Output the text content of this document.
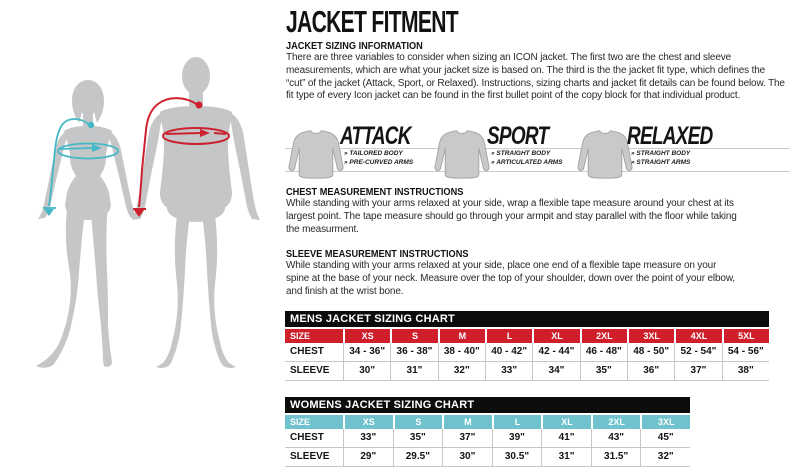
JACKET FITMENT
JACKET SIZING INFORMATION
There are three variables to consider when sizing an ICON jacket. The first two are the chest and sleeve measurements, which are what your jacket size is based on. The third is the the jacket fit type, which defines the “cut” of the jacket (Attack, Sport, or Relaxed). Instructions, sizing charts and jacket fit details can be found below. The fit type of every Icon jacket can be found in the first bullet point of the copy block for that individual product.
ATTACK
» TAILORED BODY
» PRE-CURVED ARMS
SPORT
» STRAIGHT BODY
» ARTICULATED ARMS
RELAXED
» STRAIGHT BODY
» STRAIGHT ARMS
CHEST MEASUREMENT INSTRUCTIONS
While standing with your arms relaxed at your side, wrap a flexible tape measure around your chest at its largest point. The tape measure should go through your armpit and stay parallel with the floor while taking the measurment.
SLEEVE MEASUREMENT INSTRUCTIONS
While standing with your arms relaxed at your side, place one end of a flexible tape measure on your spine at the base of your neck. Measure over the top of your shoulder, down over the point of your elbow, and finish at the wrist bone.
MENS JACKET SIZING CHART
SIZE	XS	S	M	L	XL	2XL	3XL	4XL	5XL
CHEST	34 - 36"	36 - 38"	38 - 40"	40 - 42"	42 - 44"	46 - 48"	48 - 50"	52 - 54"	54 - 56"
SLEEVE	30"	31"	32"	33"	34"	35"	36"	37"	38"
WOMENS JACKET SIZING CHART
SIZE	XS	S	M	L	XL	2XL	3XL
CHEST	33"	35"	37"	39"	41"	43"	45"
SLEEVE	29"	29.5"	30"	30.5"	31"	31.5"	32"
